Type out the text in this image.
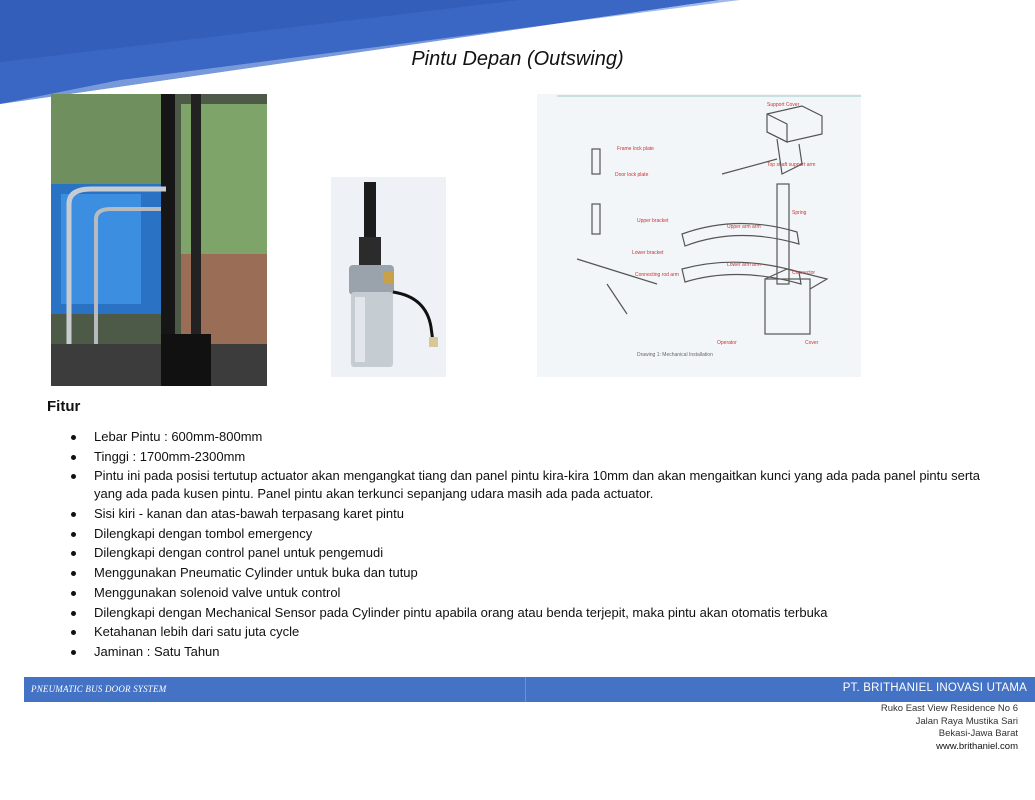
Pintu Depan (Outswing)
Support Cover
Frame lock plate
Door lock plate
Top shaft support arm
Spring
Upper bracket
Upper arm arm
Lower bracket
Lower arm arm
Connector
Connecting rod arm
Operator	Cover
Drawing 1: Mechanical Installation
Fitur
Lebar Pintu : 600mm-800mm
Tinggi : 1700mm-2300mm
Pintu ini pada posisi tertutup actuator akan mengangkat tiang dan panel pintu kira-kira 10mm dan akan mengaitkan kunci yang ada pada panel pintu serta yang ada pada kusen pintu. Panel pintu akan terkunci sepanjang udara masih ada pada actuator.
Sisi kiri - kanan dan atas-bawah terpasang karet pintu
Dilengkapi dengan tombol emergency
Dilengkapi dengan control panel untuk pengemudi
Menggunakan Pneumatic Cylinder untuk buka dan tutup
Menggunakan solenoid valve untuk control
Dilengkapi dengan Mechanical Sensor pada Cylinder pintu apabila orang atau benda terjepit, maka pintu akan otomatis terbuka
Ketahanan lebih dari satu juta cycle
Jaminan : Satu Tahun
PNEUMATIC BUS DOOR SYSTEM	PT. BRITHANIEL INOVASI UTAMA
Ruko East View Residence No 6
Jalan Raya Mustika Sari
Bekasi-Jawa Barat
www.brithaniel.com
